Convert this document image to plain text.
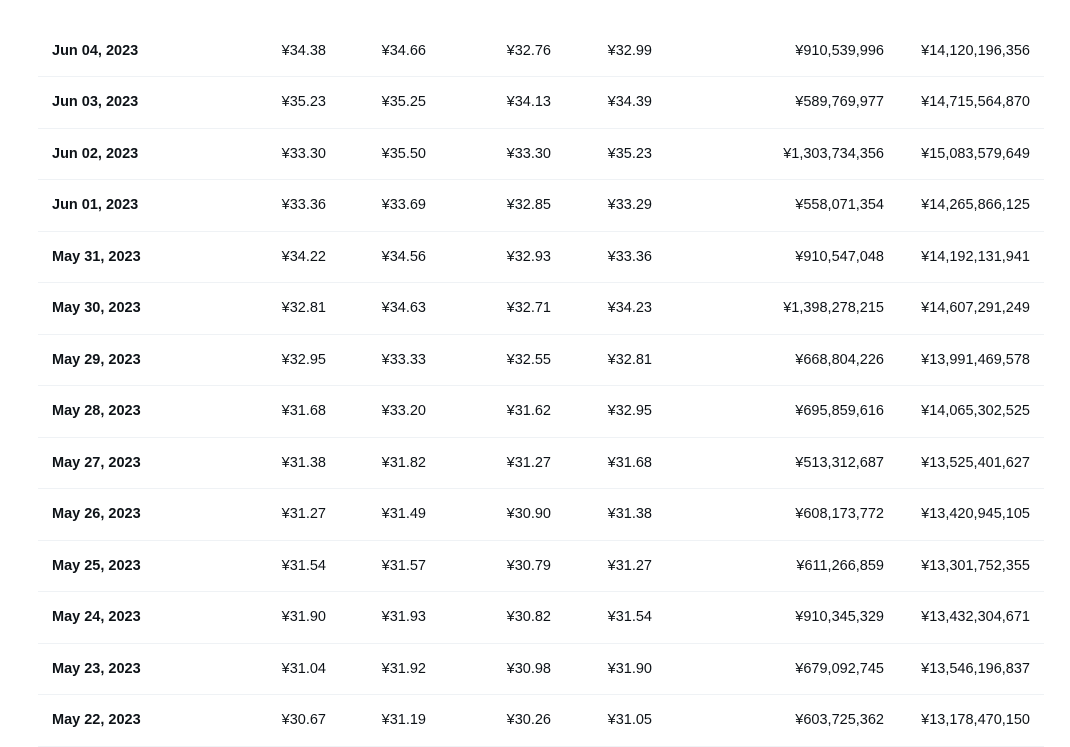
Jun 04, 2023	¥34.38	¥34.66	¥32.76	¥32.99	¥910,539,996	¥14,120,196,356	
Jun 03, 2023	¥35.23	¥35.25	¥34.13	¥34.39	¥589,769,977	¥14,715,564,870	
Jun 02, 2023	¥33.30	¥35.50	¥33.30	¥35.23	¥1,303,734,356	¥15,083,579,649	
Jun 01, 2023	¥33.36	¥33.69	¥32.85	¥33.29	¥558,071,354	¥14,265,866,125	
May 31, 2023	¥34.22	¥34.56	¥32.93	¥33.36	¥910,547,048	¥14,192,131,941	
May 30, 2023	¥32.81	¥34.63	¥32.71	¥34.23	¥1,398,278,215	¥14,607,291,249	
May 29, 2023	¥32.95	¥33.33	¥32.55	¥32.81	¥668,804,226	¥13,991,469,578	
May 28, 2023	¥31.68	¥33.20	¥31.62	¥32.95	¥695,859,616	¥14,065,302,525	
May 27, 2023	¥31.38	¥31.82	¥31.27	¥31.68	¥513,312,687	¥13,525,401,627	
May 26, 2023	¥31.27	¥31.49	¥30.90	¥31.38	¥608,173,772	¥13,420,945,105	
May 25, 2023	¥31.54	¥31.57	¥30.79	¥31.27	¥611,266,859	¥13,301,752,355	
May 24, 2023	¥31.90	¥31.93	¥30.82	¥31.54	¥910,345,329	¥13,432,304,671	
May 23, 2023	¥31.04	¥31.92	¥30.98	¥31.90	¥679,092,745	¥13,546,196,837	
May 22, 2023	¥30.67	¥31.19	¥30.26	¥31.05	¥603,725,362	¥13,178,470,150	
